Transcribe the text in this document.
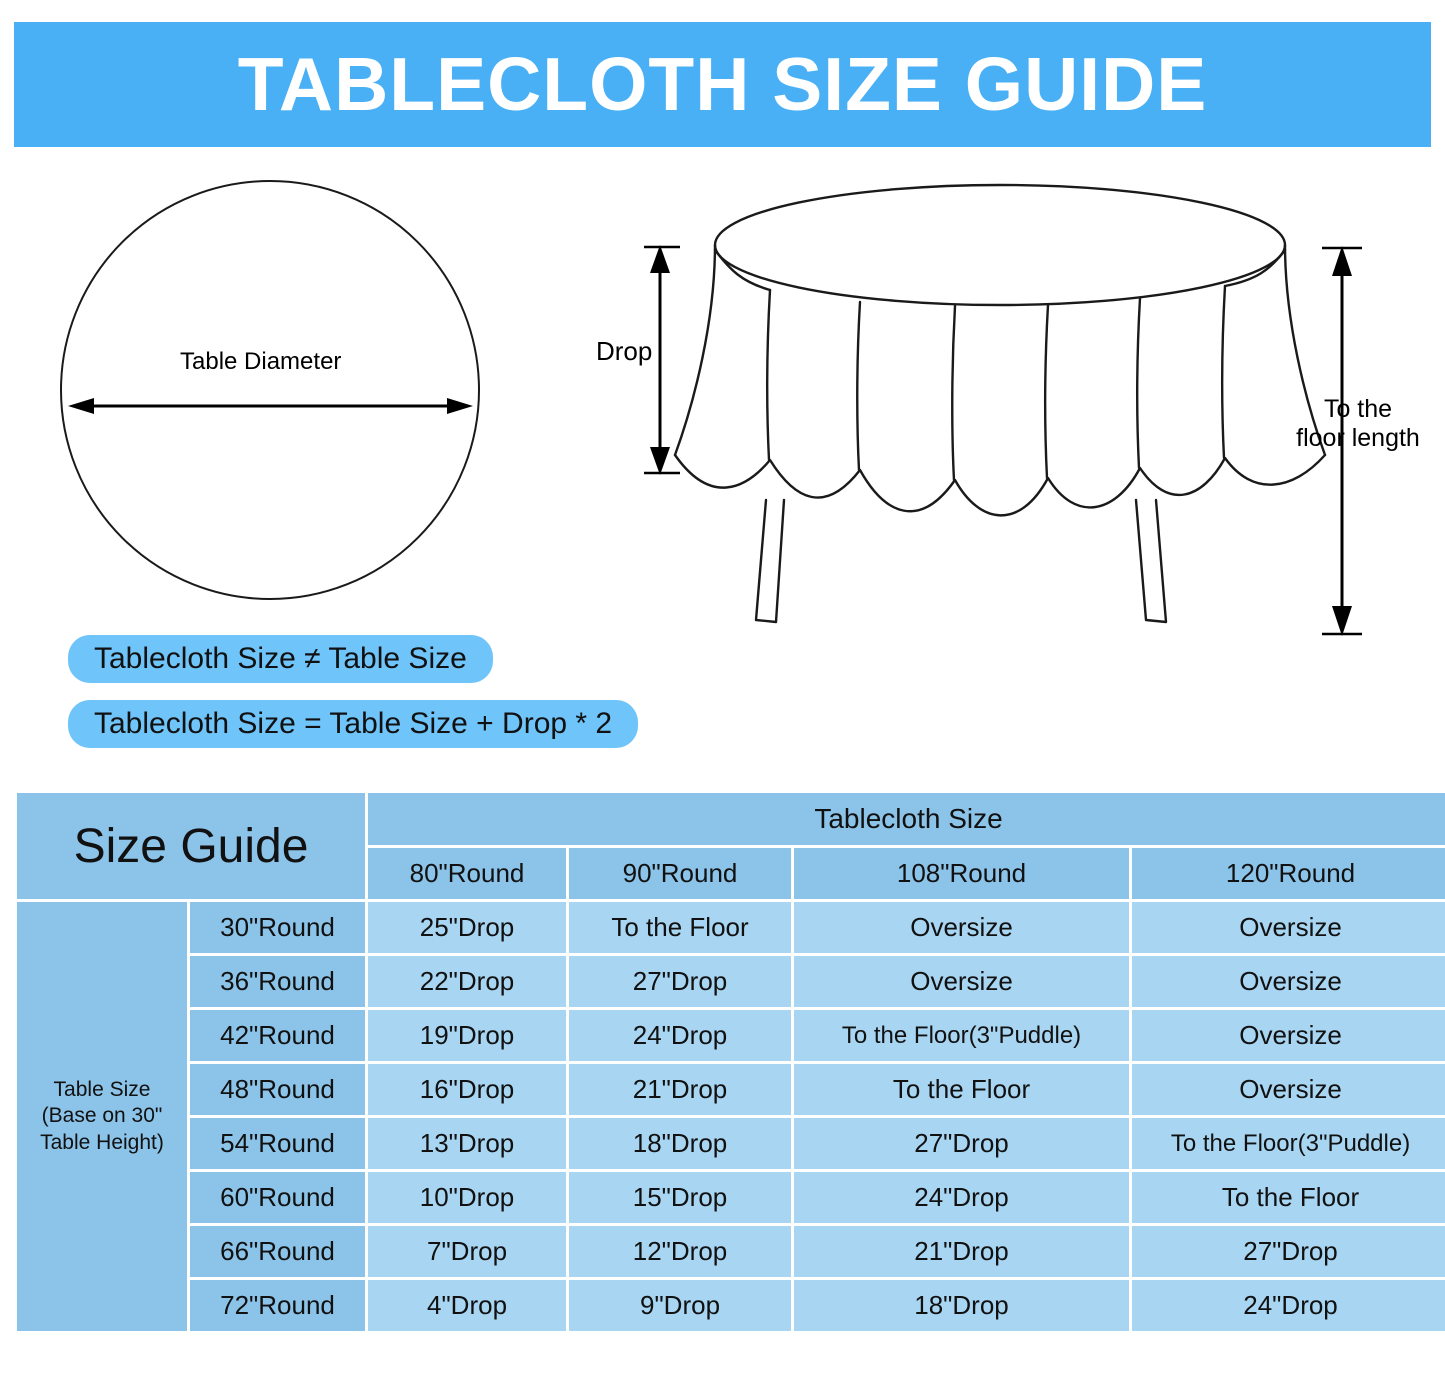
TABLECLOTH SIZE GUIDE
Table Diameter
Tablecloth Size ≠ Table Size
Tablecloth Size = Table Size + Drop * 2
Drop
To the
floor length
Size Guide		Tablecloth Size			
		80"Round	90"Round	108"Round	120"Round
Table Size
(Base on 30"
Table Height)	30"Round	25"Drop	To the Floor	Oversize	Oversize
	36"Round	22"Drop	27"Drop	Oversize	Oversize
	42"Round	19"Drop	24"Drop	To the Floor(3"Puddle)	Oversize
	48"Round	16"Drop	21"Drop	To the Floor	Oversize
	54"Round	13"Drop	18"Drop	27"Drop	To the Floor(3"Puddle)
	60"Round	10"Drop	15"Drop	24"Drop	To the Floor
	66"Round	7"Drop	12"Drop	21"Drop	27"Drop
	72"Round	4"Drop	9"Drop	18"Drop	24"Drop
